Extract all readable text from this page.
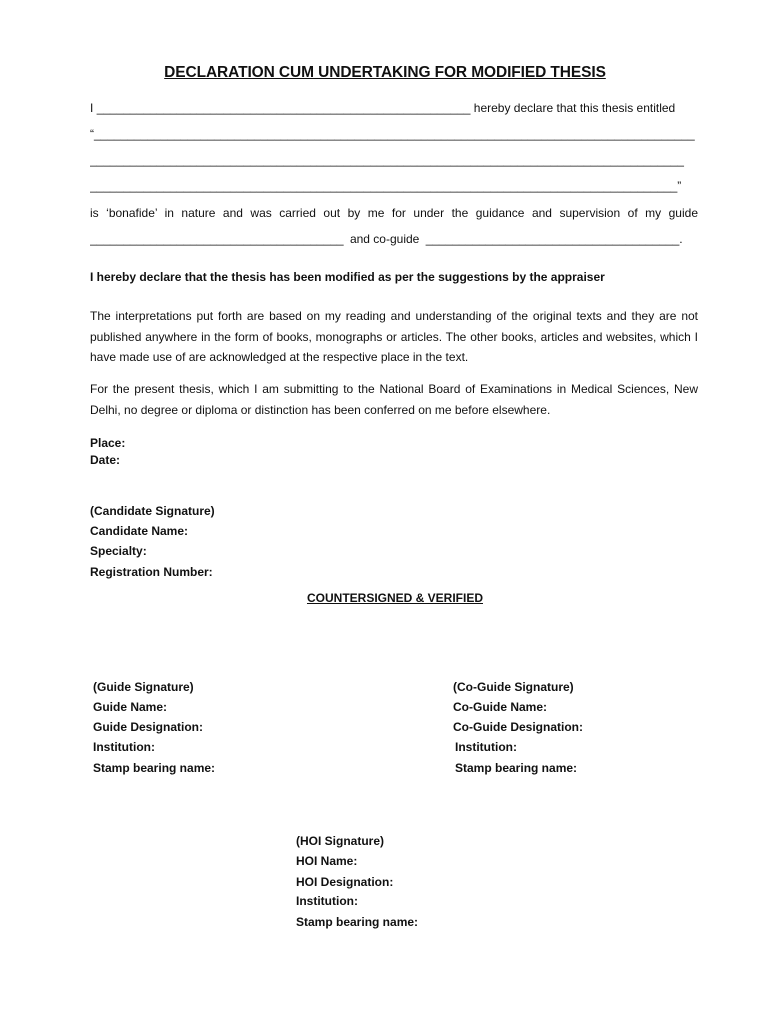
DECLARATION CUM UNDERTAKING FOR MODIFIED THESIS
I ________________________________________________________ hereby declare that this thesis entitled
“__________________________________________________________________________________________
_________________________________________________________________________________________
________________________________________________________________________________________”
is ‘bonafide’ in nature and was carried out by me for under the guidance and supervision of my guide
______________________________________ and co-guide ______________________________________.
I hereby declare that the thesis has been modified as per the suggestions by the appraiser
The interpretations put forth are based on my reading and understanding of the original texts and they are not published anywhere in the form of books, monographs or articles. The other books, articles and websites, which I have made use of are acknowledged at the respective place in the text.
For the present thesis, which I am submitting to the National Board of Examinations in Medical Sciences, New Delhi, no degree or diploma or distinction has been conferred on me before elsewhere.
Place:
Date:
(Candidate Signature)
Candidate Name:
Specialty:
Registration Number:
COUNTERSIGNED & VERIFIED
(Guide Signature)
Guide Name:
Guide Designation:
Institution:
Stamp bearing name:
(Co-Guide Signature)
Co-Guide Name:
Co-Guide Designation:
Institution:
Stamp bearing name:
(HOI Signature)
HOI Name:
HOI Designation:
Institution:
Stamp bearing name:
